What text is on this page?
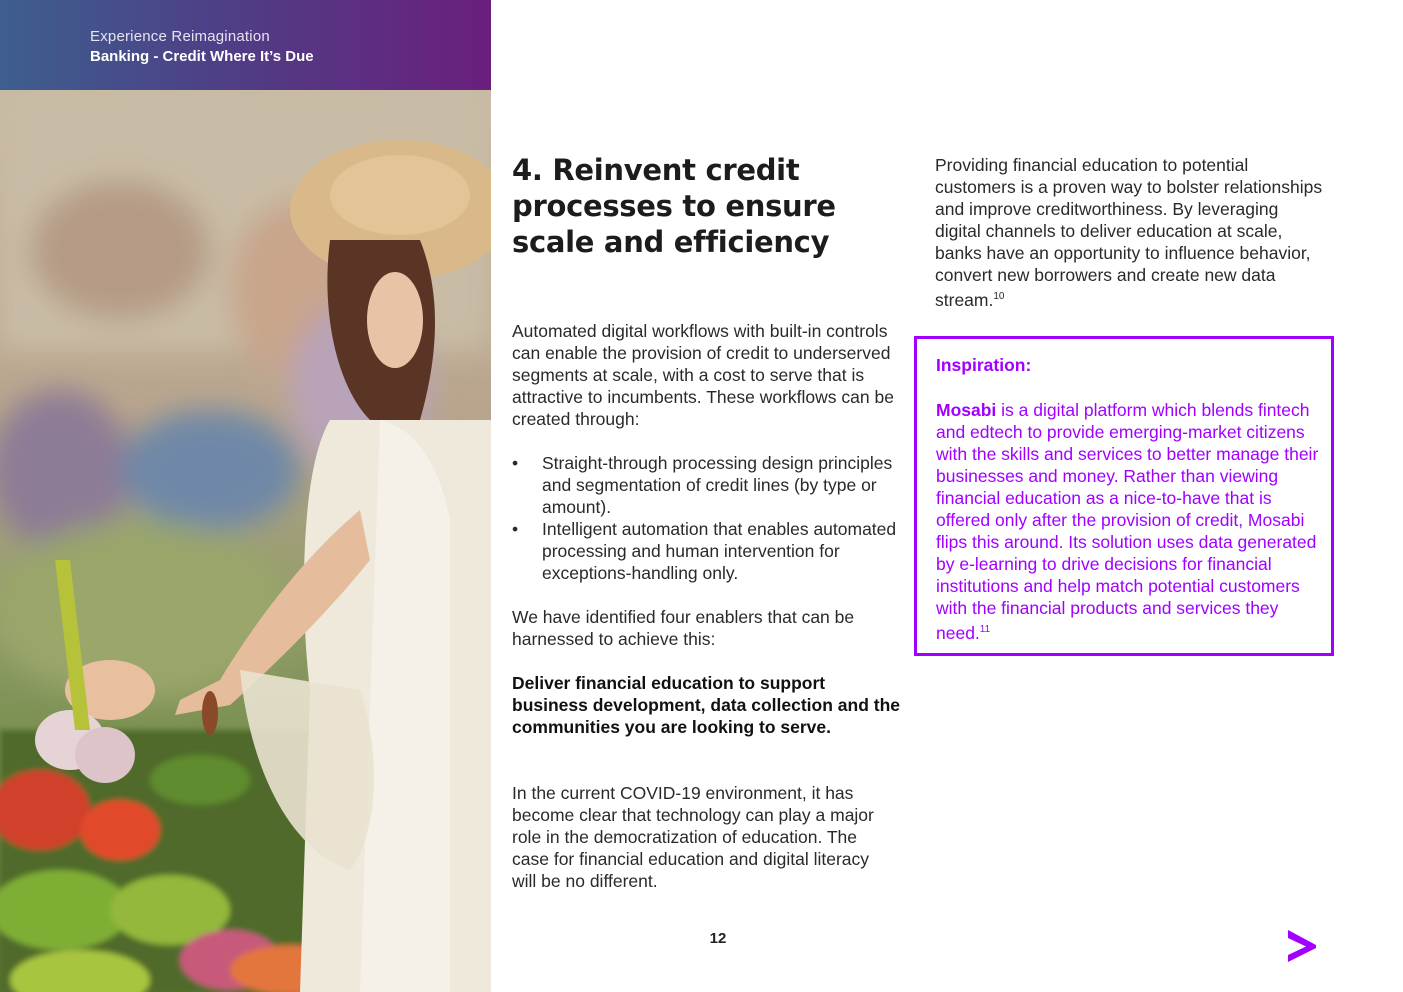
Experience Reimagination
Banking - Credit Where It’s Due
4. Reinvent credit processes to ensure scale and efficiency

Automated digital workflows with built-in controls can enable the provision of credit to underserved segments at scale, with a cost to serve that is attractive to incumbents. These workflows can be created through:

• Straight-through processing design principles and segmentation of credit lines (by type or amount).
• Intelligent automation that enables automated processing and human intervention for exceptions-handling only.

We have identified four enablers that can be harnessed to achieve this:

Deliver financial education to support business development, data collection and the communities you are looking to serve.

In the current COVID-19 environment, it has become clear that technology can play a major role in the democratization of education. The case for financial education and digital literacy will be no different.

Providing financial education to potential customers is a proven way to bolster relationships and improve creditworthiness. By leveraging digital channels to deliver education at scale, banks have an opportunity to influence behavior, convert new borrowers and create new data stream.$^{10}$

Inspiration:

Mosabi is a digital platform which blends fintech and edtech to provide emerging-market citizens with the skills and services to better manage their businesses and money. Rather than viewing financial education as a nice-to-have that is offered only after the provision of credit, Mosabi flips this around. Its solution uses data generated by e-learning to drive decisions for financial institutions and help match potential customers with the financial products and services they need.$^{11}$

12
